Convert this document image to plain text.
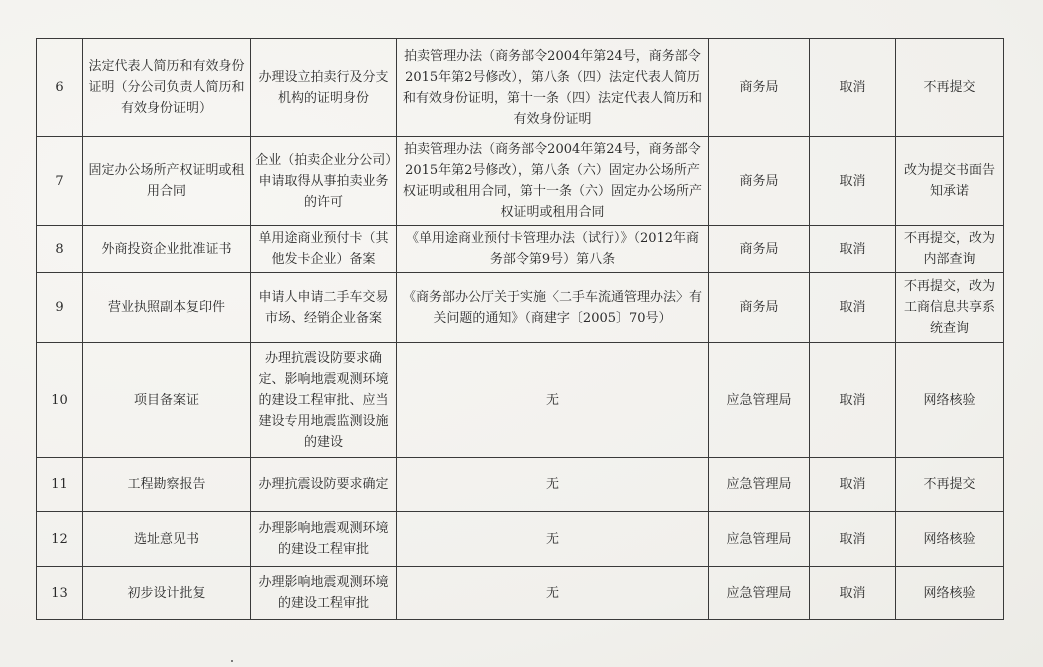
6	法定代表人简历和有效身份证明（分公司负责人简历和有效身份证明）	办理设立拍卖行及分支机构的证明身份	拍卖管理办法（商务部令2004年第24号，商务部令2015年第2号修改），第八条（四）法定代表人简历和有效身份证明，第十一条（四）法定代表人简历和有效身份证明	商务局	取消	不再提交
7	固定办公场所产权证明或租用合同	企业（拍卖企业分公司）申请取得从事拍卖业务的许可	拍卖管理办法（商务部令2004年第24号，商务部令2015年第2号修改），第八条（六）固定办公场所产权证明或租用合同，第十一条（六）固定办公场所产权证明或租用合同	商务局	取消	改为提交书面告知承诺
8	外商投资企业批准证书	单用途商业预付卡（其他发卡企业）备案	《单用途商业预付卡管理办法（试行）》（2012年商务部令第9号）第八条	商务局	取消	不再提交，改为内部查询
9	营业执照副本复印件	申请人申请二手车交易市场、经销企业备案	《商务部办公厅关于实施〈二手车流通管理办法〉有关问题的通知》（商建字〔2005〕70号）	商务局	取消	不再提交，改为工商信息共享系统查询
10	项目备案证	办理抗震设防要求确定、影响地震观测环境的建设工程审批、应当建设专用地震监测设施的建设	无	应急管理局	取消	网络核验
11	工程勘察报告	办理抗震设防要求确定	无	应急管理局	取消	不再提交
12	选址意见书	办理影响地震观测环境的建设工程审批	无	应急管理局	取消	网络核验
13	初步设计批复	办理影响地震观测环境的建设工程审批	无	应急管理局	取消	网络核验
